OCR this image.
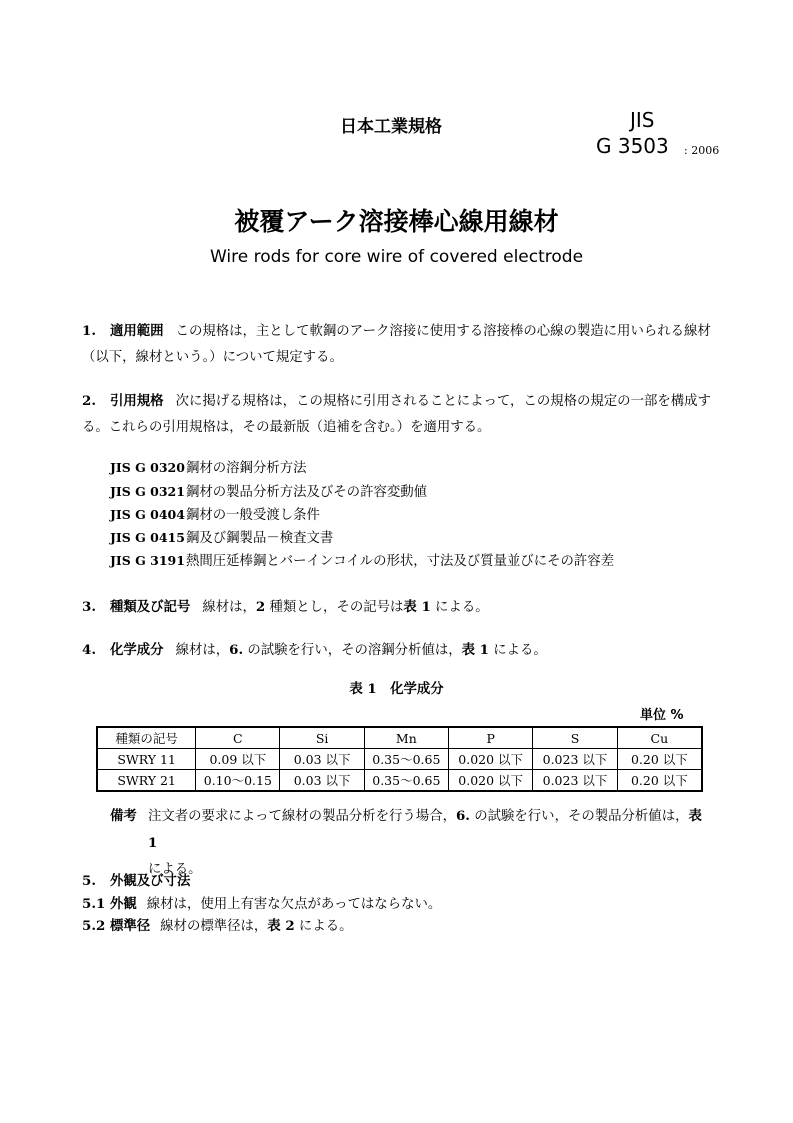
日本工業規格	JIS
G 3503 : 2006
被覆アーク溶接棒心線用線材
Wire rods for core wire of covered electrode
1. 適用範囲 この規格は，主として軟鋼のアーク溶接に使用する溶接棒の心線の製造に用いられる線材
（以下，線材という。）について規定する。
2. 引用規格 次に掲げる規格は，この規格に引用されることによって，この規格の規定の一部を構成す
る。これらの引用規格は，その最新版（追補を含む。）を適用する。
JIS G 0320鋼材の溶鋼分析方法
JIS G 0321鋼材の製品分析方法及びその許容変動値
JIS G 0404鋼材の一般受渡し条件
JIS G 0415鋼及び鋼製品－検査文書
JIS G 3191熱間圧延棒鋼とバーインコイルの形状，寸法及び質量並びにその許容差
3. 種類及び記号 線材は，2 種類とし，その記号は表 1 による。
4. 化学成分 線材は，6. の試験を行い，その溶鋼分析値は，表 1 による。
表 1　化学成分
単位 %
種類の記号	C	Si	Mn	P	S	Cu
SWRY 11	0.09 以下	0.03 以下	0.35～0.65	0.020 以下	0.023 以下	0.20 以下
SWRY 21	0.10～0.15	0.03 以下	0.35～0.65	0.020 以下	0.023 以下	0.20 以下
備考 注文者の要求によって線材の製品分析を行う場合，6. の試験を行い，その製品分析値は，表 1
による。
5. 外観及び寸法
5.1 外観 線材は，使用上有害な欠点があってはならない。
5.2 標準径 線材の標準径は，表 2 による。
